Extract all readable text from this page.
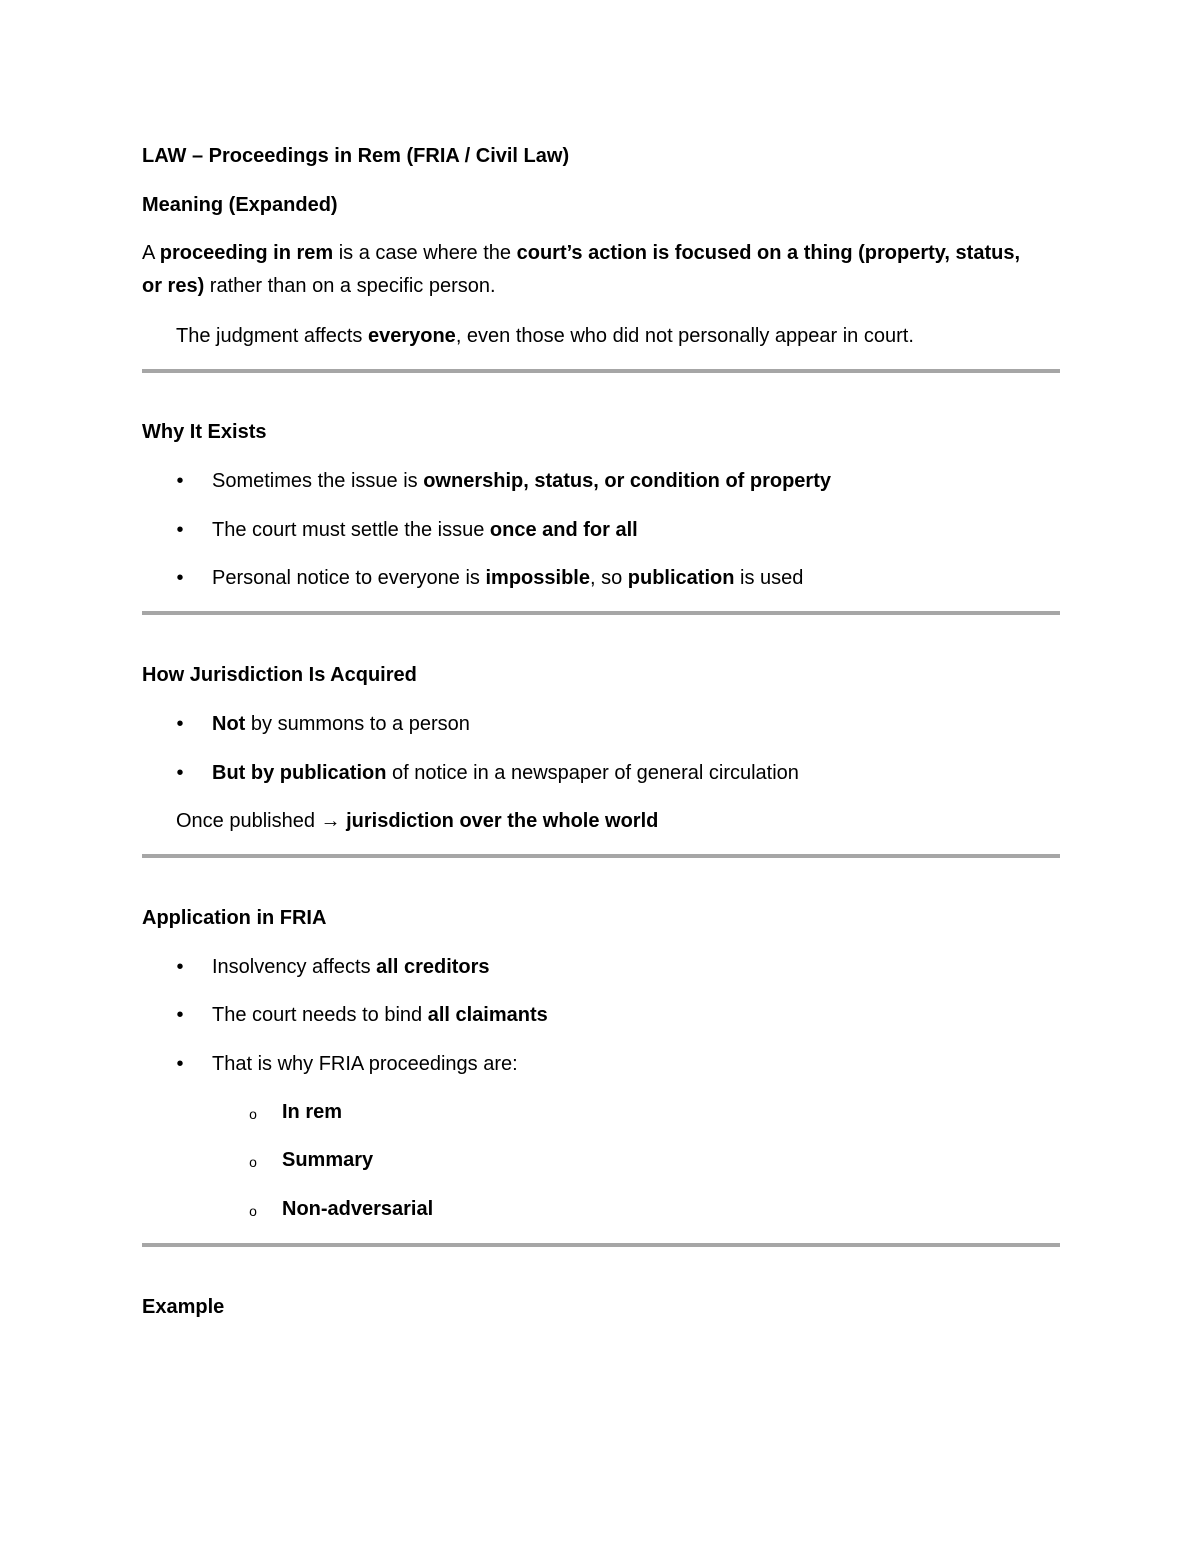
LAW – Proceedings in Rem (FRIA / Civil Law)
Meaning (Expanded)
A proceeding in rem is a case where the court’s action is focused on a thing (property, status,
or res) rather than on a specific person.
The judgment affects everyone, even those who did not personally appear in court.
Why It Exists
•	Sometimes the issue is ownership, status, or condition of property
•	The court must settle the issue once and for all
•	Personal notice to everyone is impossible, so publication is used
How Jurisdiction Is Acquired
•	Not by summons to a person
•	But by publication of notice in a newspaper of general circulation
Once published → jurisdiction over the whole world
Application in FRIA
•	Insolvency affects all creditors
•	The court needs to bind all claimants
•	That is why FRIA proceedings are:
o	In rem
o	Summary
o	Non-adversarial
Example
